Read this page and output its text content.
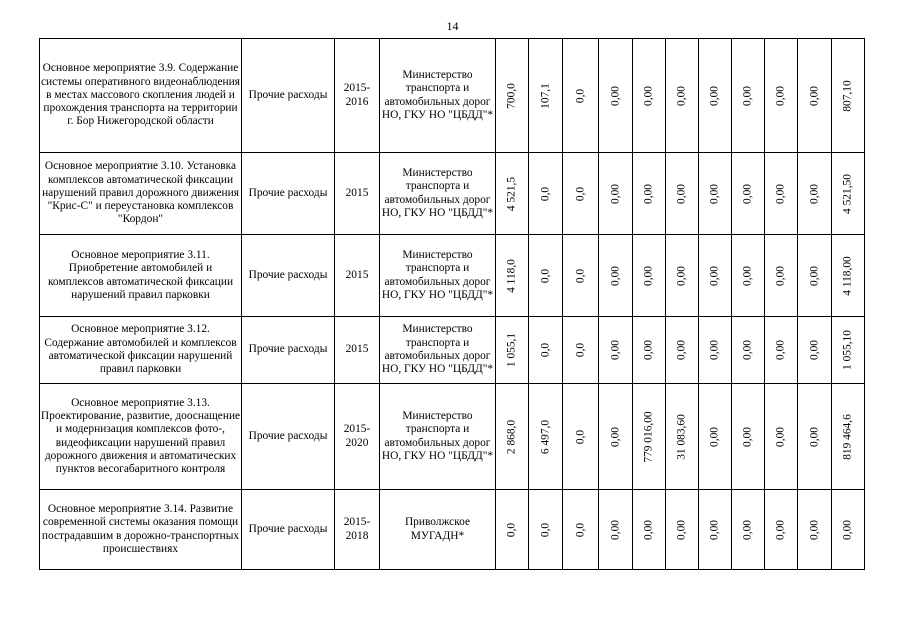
14
Основное мероприятие 3.9. Содержание системы оперативного видеонаблюдения в местах массового скопления людей и прохождения транспорта на территории г. Бор Нижегородской области	Прочие расходы	2015-2016	Министерство транспорта и автомобильных дорог НО, ГКУ НО "ЦБДД"*	700,0	107,1	0,0	0,00	0,00	0,00	0,00	0,00	0,00	0,00	807,10

Основное мероприятие 3.10. Установка комплексов автоматической фиксации нарушений правил дорожного движения "Крис-С" и переустановка комплексов "Кордон"	Прочие расходы	2015	Министерство транспорта и автомобильных дорог НО, ГКУ НО "ЦБДД"*	4 521,5	0,0	0,0	0,00	0,00	0,00	0,00	0,00	0,00	0,00	4 521,50

Основное мероприятие 3.11. Приобретение автомобилей и комплексов автоматической фиксации нарушений правил парковки	Прочие расходы	2015	Министерство транспорта и автомобильных дорог НО, ГКУ НО "ЦБДД"*	4 118,0	0,0	0,0	0,00	0,00	0,00	0,00	0,00	0,00	0,00	4 118,00

Основное мероприятие 3.12. Содержание автомобилей и комплексов автоматической фиксации нарушений правил парковки	Прочие расходы	2015	Министерство транспорта и автомобильных дорог НО, ГКУ НО "ЦБДД"*	1 055,1	0,0	0,0	0,00	0,00	0,00	0,00	0,00	0,00	0,00	1 055,10

Основное мероприятие 3.13. Проектирование, развитие, дооснащение и модернизация комплексов фото-, видеофиксации нарушений правил дорожного движения и автоматических пунктов весогабаритного контроля	Прочие расходы	2015-2020	Министерство транспорта и автомобильных дорог НО, ГКУ НО "ЦБДД"*	2 868,0	6 497,0	0,0	0,00	779 016,00	31 083,60	0,00	0,00	0,00	0,00	819 464,6

Основное мероприятие 3.14. Развитие современной системы оказания помощи пострадавшим в дорожно-транспортных происшествиях	Прочие расходы	2015-2018	Приволжское МУГАДН*	0,0	0,0	0,0	0,00	0,00	0,00	0,00	0,00	0,00	0,00	0,00
